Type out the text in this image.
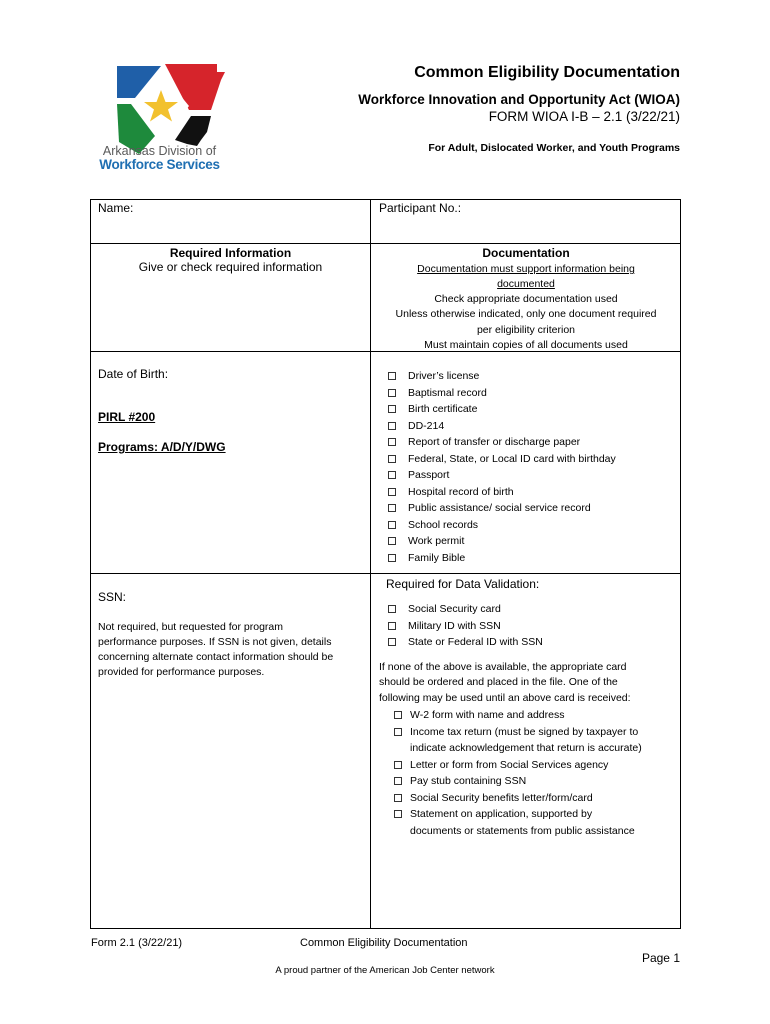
Arkansas Division of
Workforce Services
Common Eligibility Documentation
Workforce Innovation and Opportunity Act (WIOA)
FORM WIOA I-B – 2.1 (3/22/21)
For Adult, Dislocated Worker, and Youth Programs
Name:	Participant No.:
Required Information
Give or check required information
Documentation
Documentation must support information being
documented
Check appropriate documentation used
Unless otherwise indicated, only one document required
per eligibility criterion
Must maintain copies of all documents used
Date of Birth:
PIRL #200
Programs: A/D/Y/DWG
Driver’s license
Baptismal record
Birth certificate
DD-214
Report of transfer or discharge paper
Federal, State, or Local ID card with birthday
Passport
Hospital record of birth
Public assistance/ social service record
School records
Work permit
Family Bible
SSN:
Not required, but requested for program
performance purposes. If SSN is not given, details
concerning alternate contact information should be
provided for performance purposes.
Required for Data Validation:
Social Security card
Military ID with SSN
State or Federal ID with SSN
If none of the above is available, the appropriate card
should be ordered and placed in the file. One of the
following may be used until an above card is received:
W-2 form with name and address
Income tax return (must be signed by taxpayer to
indicate acknowledgement that return is accurate)
Letter or form from Social Services agency
Pay stub containing SSN
Social Security benefits letter/form/card
Statement on application, supported by
documents or statements from public assistance
Form 2.1 (3/22/21)	Common Eligibility Documentation
Page 1
A proud partner of the American Job Center network
